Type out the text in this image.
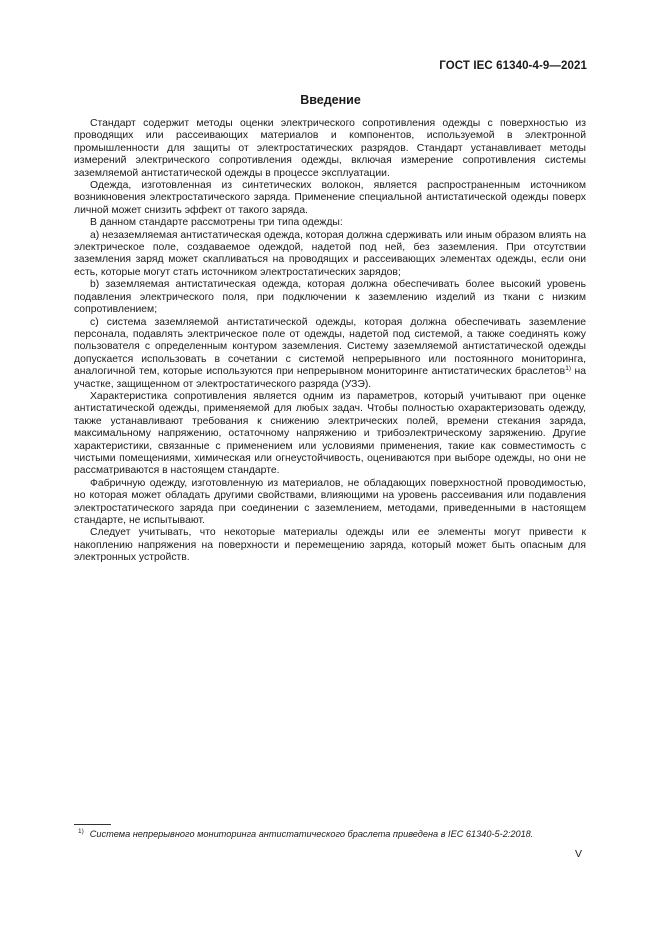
ГОСТ IEC 61340-4-9—2021
Введение

Стандарт содержит методы оценки электрического сопротивления одежды с поверхностью из проводящих или рассеивающих материалов и компонентов, используемой в электронной промышленности для защиты от электростатических разрядов. Стандарт устанавливает методы измерений электрического сопротивления одежды, включая измерение сопротивления системы заземляемой антистатической одежды в процессе эксплуатации.

Одежда, изготовленная из синтетических волокон, является распространенным источником возникновения электростатического заряда. Применение специальной антистатической одежды поверх личной может снизить эффект от такого заряда.

В данном стандарте рассмотрены три типа одежды:

а) незаземляемая антистатическая одежда, которая должна сдерживать или иным образом влиять на электрическое поле, создаваемое одеждой, надетой под ней, без заземления. При отсутствии заземления заряд может скапливаться на проводящих и рассеивающих элементах одежды, если они есть, которые могут стать источником электростатических зарядов;

b) заземляемая антистатическая одежда, которая должна обеспечивать более высокий уровень подавления электрического поля, при подключении к заземлению изделий из ткани с низким сопротивлением;

с) система заземляемой антистатической одежды, которая должна обеспечивать заземление персонала, подавлять электрическое поле от одежды, надетой под системой, а также соединять кожу пользователя с определенным контуром заземления. Систему заземляемой антистатической одежды допускается использовать в сочетании с системой непрерывного или постоянного мониторинга, аналогичной тем, которые используются при непрерывном мониторинге антистатических браслетов$^{1)}$ на участке, защищенном от электростатического разряда (УЗЭ).

Характеристика сопротивления является одним из параметров, который учитывают при оценке антистатической одежды, применяемой для любых задач. Чтобы полностью охарактеризовать одежду, также устанавливают требования к снижению электрических полей, времени стекания заряда, максимальному напряжению, остаточному напряжению и трибоэлектрическому заряжению. Другие характеристики, связанные с применением или условиями применения, такие как совместимость с чистыми помещениями, химическая или огнеустойчивость, оцениваются при выборе одежды, но они не рассматриваются в настоящем стандарте.

Фабричную одежду, изготовленную из материалов, не обладающих поверхностной проводимостью, но которая может обладать другими свойствами, влияющими на уровень рассеивания или подавления электростатического заряда при соединении с заземлением, методами, приведенными в настоящем стандарте, не испытывают.

Следует учитывать, что некоторые материалы одежды или ее элементы могут привести к накоплению напряжения на поверхности и перемещению заряда, который может быть опасным для электронных устройств.

$^{1)}$ Система непрерывного мониторинга антистатического браслета приведена в IEC 61340-5-2:2018.
V
